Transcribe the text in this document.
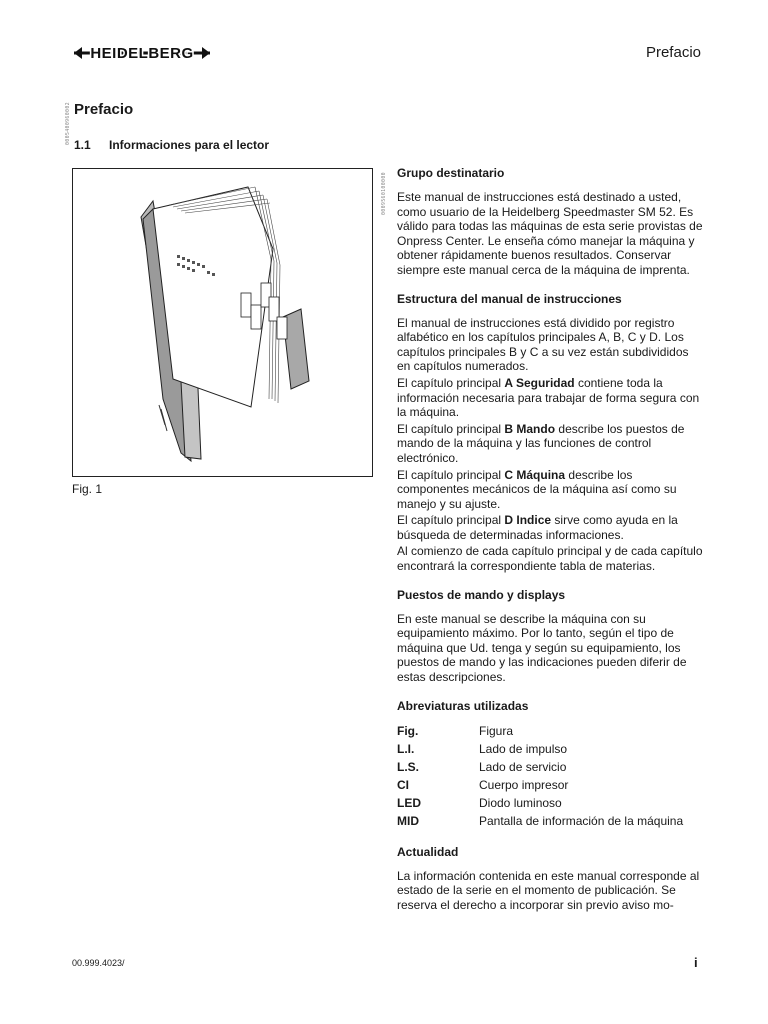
HEIDELBERG	Prefacio
0005400960002
0009560100000
Prefacio
1.1 Informaciones para el lector
Fig. 1
Grupo destinatario

Este manual de instrucciones está destinado a usted, como usuario de la Heidelberg Speedmaster SM 52. Es válido para todas las máquinas de esta serie provistas de Onpress Center. Le enseña cómo manejar la máquina y obtener rápidamente buenos resultados. Conservar siempre este manual cerca de la máquina de imprenta.

Estructura del manual de instrucciones

El manual de instrucciones está dividido por registro alfabético en los capítulos principales A, B, C y D. Los capítulos principales B y C a su vez están subdivididos en capítulos numerados.

El capítulo principal A Seguridad contiene toda la información necesaria para trabajar de forma segura con la máquina.

El capítulo principal B Mando describe los puestos de mando de la máquina y las funciones de control electrónico.

El capítulo principal C Máquina describe los componentes mecánicos de la máquina así como su manejo y su ajuste.

El capítulo principal D Indice sirve como ayuda en la búsqueda de determinadas informaciones.

Al comienzo de cada capítulo principal y de cada capítulo encontrará la correspondiente tabla de materias.

Puestos de mando y displays

En este manual se describe la máquina con su equipamiento máximo. Por lo tanto, según el tipo de máquina que Ud. tenga y según su equipamiento, los puestos de mando y las indicaciones pueden diferir de estas descripciones.

Abreviaturas utilizadas
Fig.	Figura
L.I.	Lado de impulso
L.S.	Lado de servicio
CI	Cuerpo impresor
LED	Diodo luminoso
MID	Pantalla de información de la máquina
Actualidad

La información contenida en este manual corresponde al estado de la serie en el momento de publicación. Se reserva el derecho a incorporar sin previo aviso mo-

00.999.4023/	i
